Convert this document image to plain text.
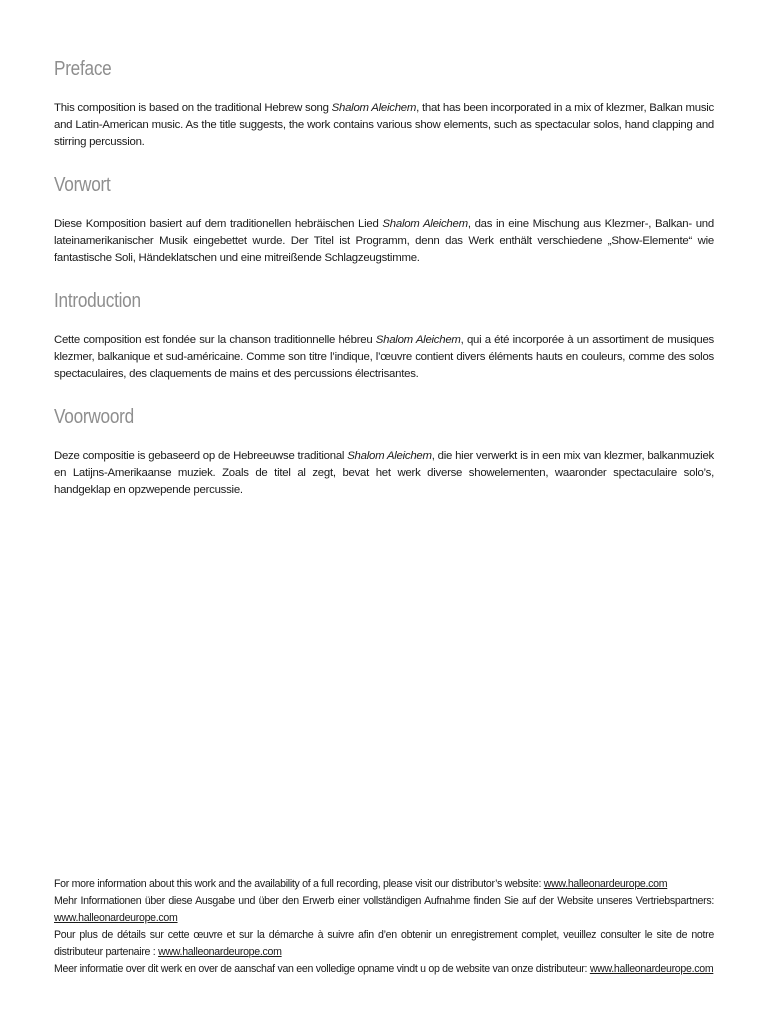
Preface

This composition is based on the traditional Hebrew song Shalom Aleichem, that has been incorporated in a mix of klezmer, Balkan music and Latin-American music. As the title suggests, the work contains various show elements, such as spectacular solos, hand clapping and stirring percussion.

Vorwort

Diese Komposition basiert auf dem traditionellen hebräischen Lied Shalom Aleichem, das in eine Mischung aus Klezmer-, Balkan- und lateinamerikanischer Musik eingebettet wurde. Der Titel ist Programm, denn das Werk enthält verschiedene „Show-Elemente“ wie fantastische Soli, Händeklatschen und eine mitreißende Schlagzeugstimme.

Introduction

Cette composition est fondée sur la chanson traditionnelle hébreu Shalom Aleichem, qui a été incorporée à un assortiment de musiques klezmer, balkanique et sud-américaine. Comme son titre l’indique, l’œuvre contient divers éléments hauts en couleurs, comme des solos spectaculaires, des claquements de mains et des percussions électrisantes.

Voorwoord

Deze compositie is gebaseerd op de Hebreeuwse traditional Shalom Aleichem, die hier verwerkt is in een mix van klezmer, balkanmuziek en Latijns-Amerikaanse muziek. Zoals de titel al zegt, bevat het werk diverse showelementen, waaronder spectaculaire solo’s, handgeklap en opzwepende percussie.

For more information about this work and the availability of a full recording, please visit our distributor’s website: www.halleonardeurope.com
Mehr Informationen über diese Ausgabe und über den Erwerb einer vollständigen Aufnahme finden Sie auf der Website unseres Vertriebspartners: www.halleonardeurope.com
Pour plus de détails sur cette œuvre et sur la démarche à suivre afin d’en obtenir un enregistrement complet, veuillez consulter le site de notre distributeur partenaire : www.halleonardeurope.com
Meer informatie over dit werk en over de aanschaf van een volledige opname vindt u op de website van onze distributeur: www.halleonardeurope.com
